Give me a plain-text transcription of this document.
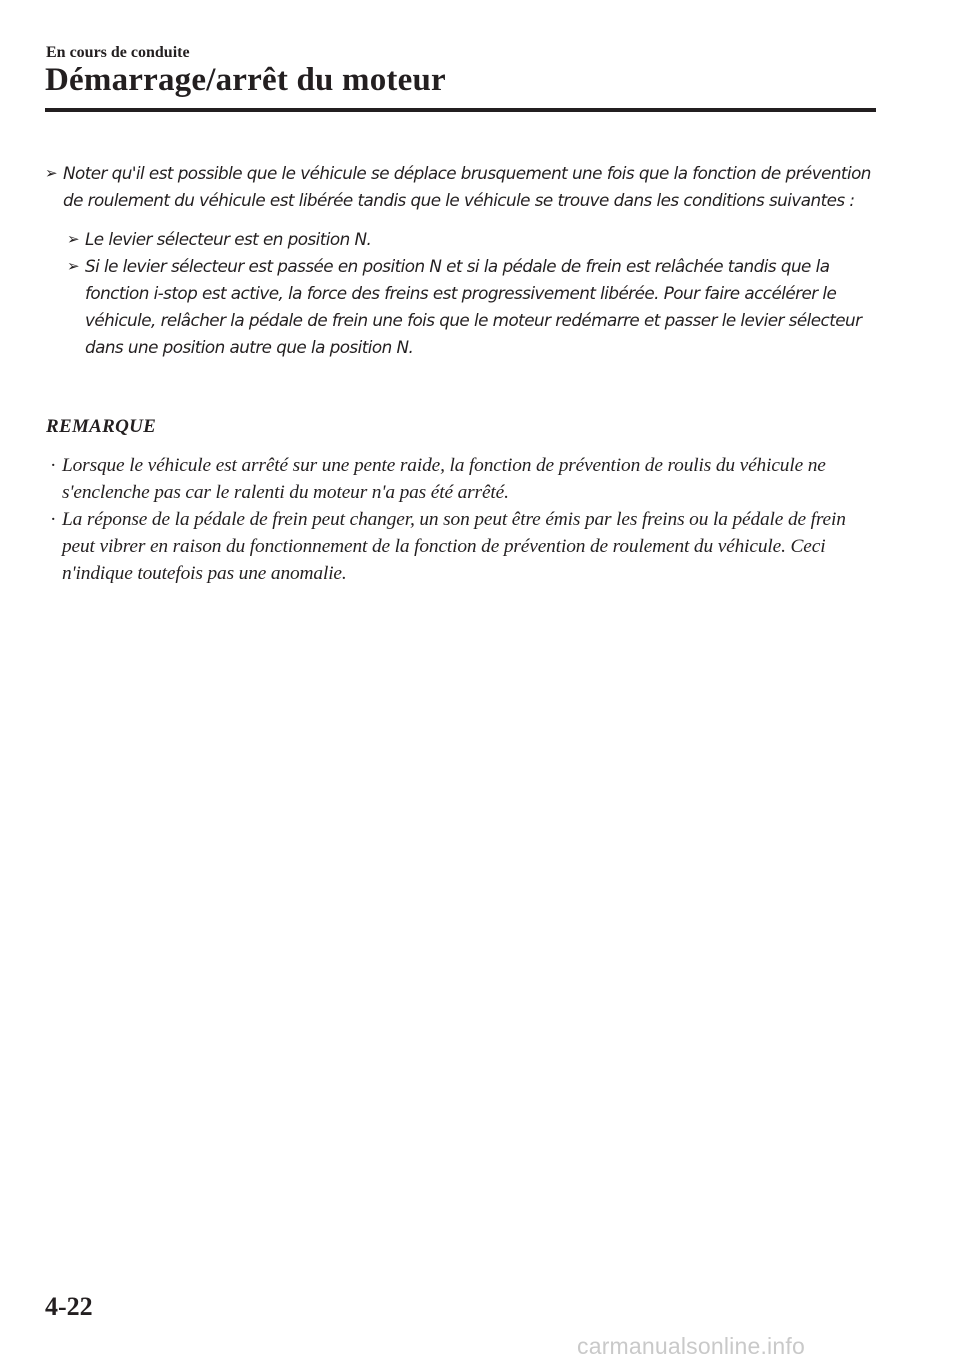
En cours de conduite
Démarrage/arrêt du moteur
➢ Noter qu'il est possible que le véhicule se déplace brusquement une fois que la fonction de prévention de roulement du véhicule est libérée tandis que le véhicule se trouve dans les conditions suivantes :
➢ Le levier sélecteur est en position N.
➢ Si le levier sélecteur est passée en position N et si la pédale de frein est relâchée tandis que la fonction i-stop est active, la force des freins est progressivement libérée. Pour faire accélérer le véhicule, relâcher la pédale de frein une fois que le moteur redémarre et passer le levier sélecteur dans une position autre que la position N.
REMARQUE
· Lorsque le véhicule est arrêté sur une pente raide, la fonction de prévention de roulis du véhicule ne s'enclenche pas car le ralenti du moteur n'a pas été arrêté.
· La réponse de la pédale de frein peut changer, un son peut être émis par les freins ou la pédale de frein peut vibrer en raison du fonctionnement de la fonction de prévention de roulement du véhicule. Ceci n'indique toutefois pas une anomalie.
4-22
carmanualsonline.info
